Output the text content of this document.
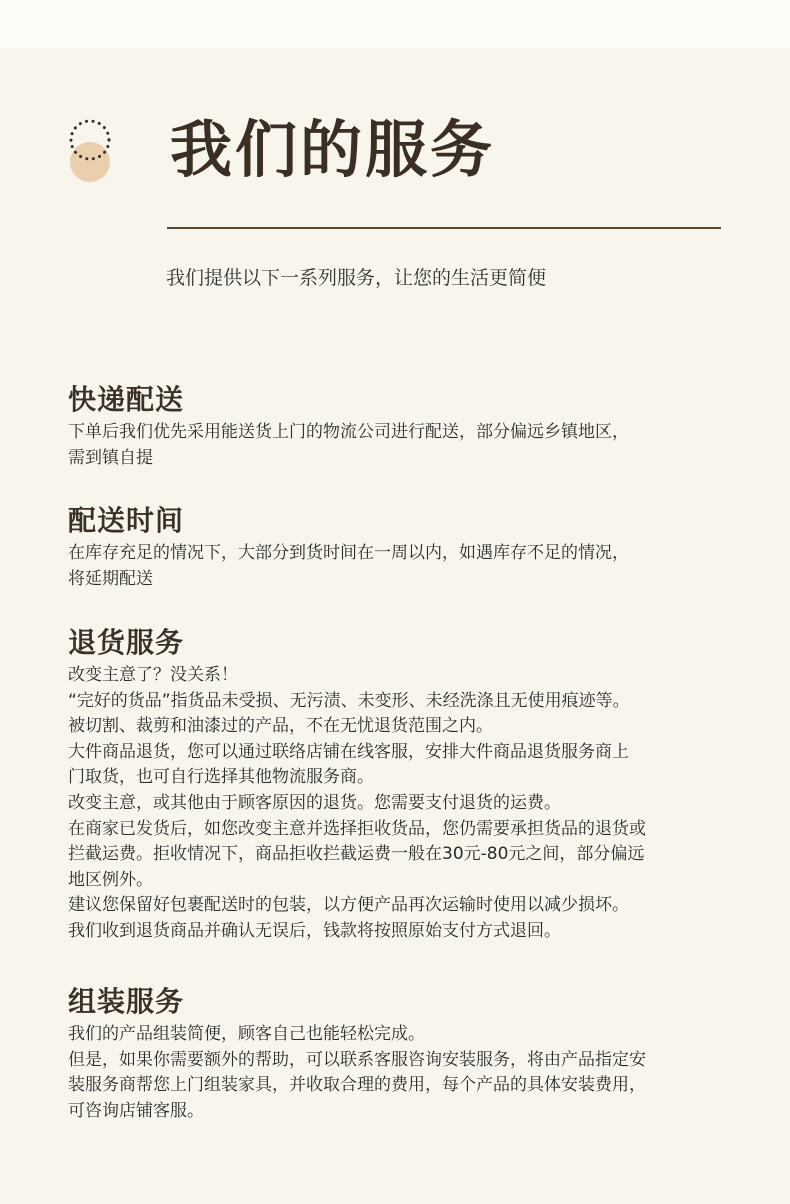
我们的服务

我们提供以下一系列服务，让您的生活更简便

快递配送

下单后我们优先采用能送货上门的物流公司进行配送，部分偏远乡镇地区，

需到镇自提

配送时间

在库存充足的情况下，大部分到货时间在一周以内，如遇库存不足的情况，

将延期配送

退货服务

改变主意了？没关系！

“完好的货品”指货品未受损、无污渍、未变形、未经洗涤且无使用痕迹等。

被切割、裁剪和油漆过的产品，不在无忧退货范围之内。

大件商品退货，您可以通过联络店铺在线客服，安排大件商品退货服务商上

门取货，也可自行选择其他物流服务商。

改变主意，或其他由于顾客原因的退货。您需要支付退货的运费。

在商家已发货后，如您改变主意并选择拒收货品，您仍需要承担货品的退货或

拦截运费。拒收情况下，商品拒收拦截运费一般在30元-80元之间，部分偏远

地区例外。

建议您保留好包裹配送时的包装，以方便产品再次运输时使用以减少损坏。

我们收到退货商品并确认无误后，钱款将按照原始支付方式退回。

组装服务

我们的产品组装简便，顾客自己也能轻松完成。

但是，如果你需要额外的帮助，可以联系客服咨询安装服务，将由产品指定安

装服务商帮您上门组装家具，并收取合理的费用，每个产品的具体安装费用，

可咨询店铺客服。
